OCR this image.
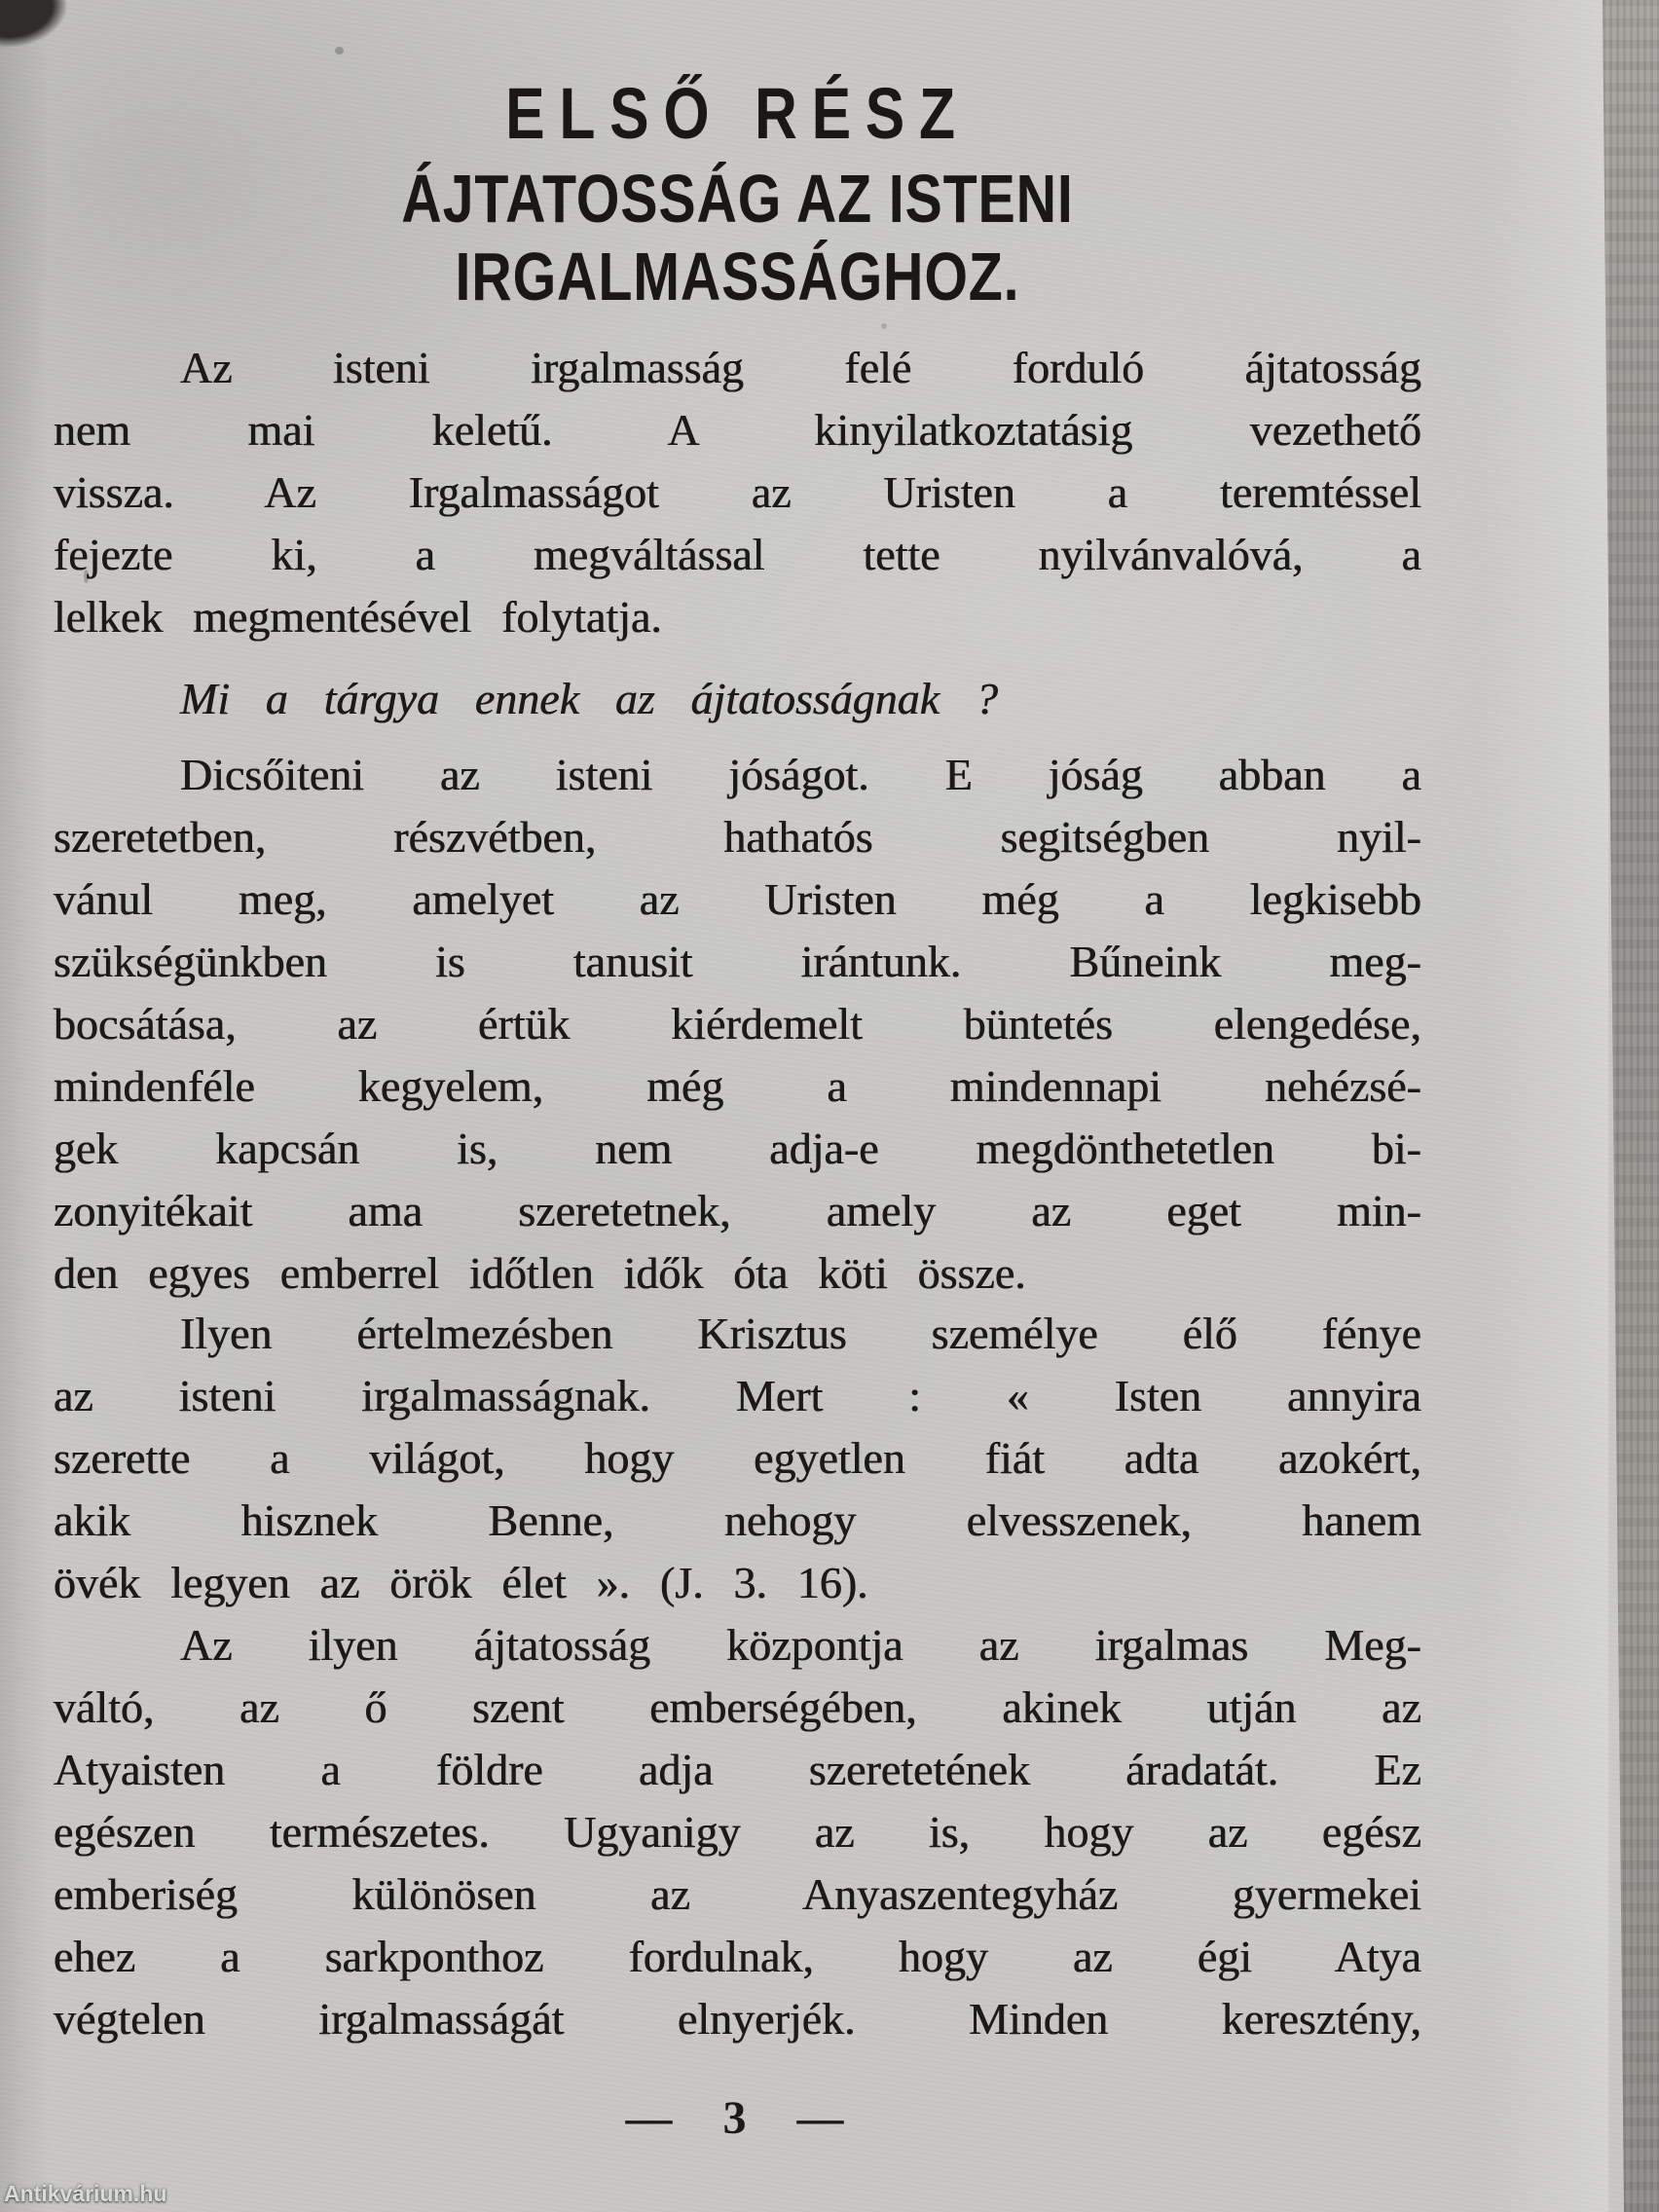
ELSŐ RÉSZ
ÁJTATOSSÁG AZ ISTENI IRGALMASSÁGHOZ.
Az isteni irgalmasság felé forduló ájtatosság
nem mai keletű. A kinyilatkoztatásig vezethető
vissza. Az Irgalmasságot az Uristen a teremtéssel
fejezte ki, a megváltással tette nyilvánvalóvá, a
lelkek megmentésével folytatja.
Mi a tárgya ennek az ájtatosságnak ?
Dicsőiteni az isteni jóságot. E jóság abban a
szeretetben, részvétben, hathatós segitségben nyil-
vánul meg, amelyet az Uristen még a legkisebb
szükségünkben is tanusit irántunk. Bűneink meg-
bocsátása, az értük kiérdemelt büntetés elengedése,
mindenféle kegyelem, még a mindennapi nehézsé-
gek kapcsán is, nem adja-e megdönthetetlen bi-
zonyitékait ama szeretetnek, amely az eget min-
den egyes emberrel időtlen idők óta köti össze.
Ilyen értelmezésben Krisztus személye élő fénye
az isteni irgalmasságnak. Mert : « Isten annyira
szerette a világot, hogy egyetlen fiát adta azokért,
akik hisznek Benne, nehogy elvesszenek, hanem
övék legyen az örök élet ». (J. 3. 16).
Az ilyen ájtatosság központja az irgalmas Meg-
váltó, az ő szent emberségében, akinek utján az
Atyaisten a földre adja szeretetének áradatát. Ez
egészen természetes. Ugyanigy az is, hogy az egész
emberiség különösen az Anyaszentegyház gyermekei
ehez a sarkponthoz fordulnak, hogy az égi Atya
végtelen irgalmasságát elnyerjék. Minden keresztény,
— 3 —
Antikvárium.hu
